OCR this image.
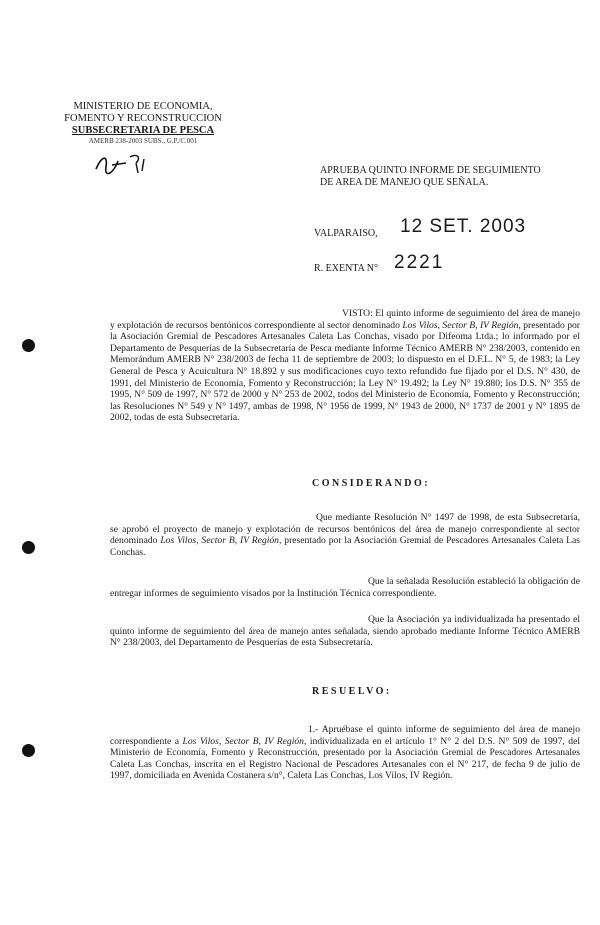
MINISTERIO DE ECONOMIA,
FOMENTO Y RECONSTRUCCION
SUBSECRETARIA DE PESCA
AMERB 238-2003 SUBS., G.P./C.001
APRUEBA QUINTO INFORME DE SEGUIMIENTO
DE AREA DE MANEJO QUE SEÑALA.
VALPARAISO, 12 SET. 2003
R. EXENTA N° 2221

VISTO: El quinto informe de seguimiento del área de manejo y explotación de recursos bentónicos correspondiente al sector denominado Los Vilos, Sector B, IV Región, presentado por la Asociación Gremial de Pescadores Artesanales Caleta Las Conchas, visado por Difeoma Ltda.; lo informado por el Departamento de Pesquerías de la Subsecretaría de Pesca mediante Informe Técnico AMERB N° 238/2003, contenido en Memorándum AMERB N° 238/2003 de fecha 11 de septiembre de 2003; lo dispuesto en el D.F.L. N° 5, de 1983; la Ley General de Pesca y Acuicultura N° 18.892 y sus modificaciones cuyo texto refundido fue fijado por el D.S. N° 430, de 1991, del Ministerio de Economía, Fomento y Reconstrucción; la Ley N° 19.492; la Ley N° 19.880; los D.S. N° 355 de 1995, N° 509 de 1997, N° 572 de 2000 y N° 253 de 2002, todos del Ministerio de Economía, Fomento y Reconstrucción; las Resoluciones N° 549 y N° 1497, ambas de 1998, N° 1956 de 1999, N° 1943 de 2000, N° 1737 de 2001 y N° 1895 de 2002, todas de esta Subsecretaría.

CONSIDERANDO:

Que mediante Resolución N° 1497 de 1998, de esta Subsecretaría, se aprobó el proyecto de manejo y explotación de recursos bentónicos del área de manejo correspondiente al sector denominado Los Vilos, Sector B, IV Región, presentado por la Asociación Gremial de Pescadores Artesanales Caleta Las Conchas.

Que la señalada Resolución estableció la obligación de entregar informes de seguimiento visados por la Institución Técnica correspondiente.

Que la Asociación ya individualizada ha presentado el quinto informe de seguimiento del área de manejo antes señalada, siendo aprobado mediante Informe Técnico AMERB N° 238/2003, del Departamento de Pesquerías de esta Subsecretaría.

RESUELVO:

1.- Apruébase el quinto informe de seguimiento del área de manejo correspondiente a Los Vilos, Sector B, IV Región, individualizada en el artículo 1° N° 2 del D.S. N° 509 de 1997, del Ministerio de Economía, Fomento y Reconstrucción, presentado por la Asociación Gremial de Pescadores Artesanales Caleta Las Conchas, inscrita en el Registro Nacional de Pescadores Artesanales con el N° 217, de fecha 9 de julio de 1997, domiciliada en Avenida Costanera s/n°, Caleta Las Conchas, Los Vilos, IV Región.
